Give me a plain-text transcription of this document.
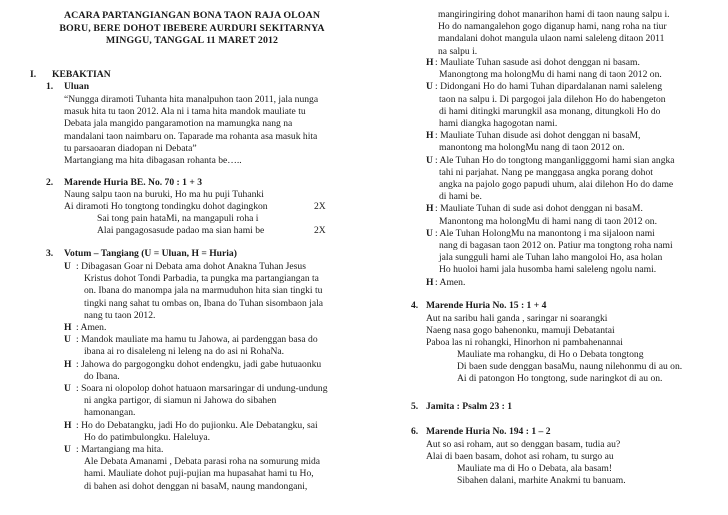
ACARA PARTANGIANGAN BONA TAON RAJA OLOAN
BORU, BERE DOHOT IBEBERE AURDURI SEKITARNYA
MINGGU, TANGGAL 11 MARET 2012
I. KEBAKTIAN
1. Uluan
“Nungga diramoti Tuhanta hita manalpuhon taon 2011, jala nunga
masuk hita tu taon 2012. Ala ni i tama hita mandok mauliate tu
Debata jala mangido pangaramotion na mamungka nang na
mandalani taon naimbaru on. Taparade ma rohanta asa masuk hita
tu parsaoaran diadopan ni Debata”
Martangiang ma hita dibagasan rohanta be…..
2. Marende Huria BE. No. 70 : 1 + 3
Naung salpu taon na buruki, Ho ma hu puji Tuhanki
Ai diramoti Ho tongtong tondingku dohot dagingkon
Sai tong pain hataMi, na mangapuli roha i
Alai pangagosasude padao ma sian hami be
2X
2X
3. Votum – Tangiang (U = Uluan, H = Huria)
U : Dibagasan Goar ni Debata ama dohot Anakna Tuhan Jesus
Kristus dohot Tondi Parbadia, ta pungka ma partangiangan ta
on. Ibana do manompa jala na marmuduhon hita sian tingki tu
tingki nang sahat tu ombas on, Ibana do Tuhan sisombaon jala
nang tu taon 2012.
H : Amen.
U : Mandok mauliate ma hamu tu Jahowa, ai pardenggan basa do
ibana ai ro disaleleng ni leleng na do asi ni RohaNa.
H : Jahowa do pargogongku dohot endengku, jadi gabe hutuaonku
do Ibana.
U : Soara ni olopolop dohot hatuaon marsaringar di undung-undung
ni angka partigor, di siamun ni Jahowa do sibahen
hamonangan.
H : Ho do Debatangku, jadi Ho do pujionku. Ale Debatangku, sai
Ho do patimbulongku. Haleluya.
U : Martangiang ma hita.
Ale Debata Amanami , Debata parasi roha na somurung mida
hami. Mauliate dohot puji-pujian ma hupasahat hami tu Ho,
di bahen asi dohot denggan ni basaM, naung mandongani,
mangiringiring dohot manarihon hami di taon naung salpu i.
Ho do namangalehon gogo diganup hami, nang roha na tiur
mandalani dohot mangula ulaon nami saleleng ditaon 2011
na salpu i.
H : Mauliate Tuhan sasude asi dohot denggan ni basam.
Manongtong ma holongMu di hami nang di taon 2012 on.
U : Didongani Ho do hami Tuhan dipardalanan nami saleleng
taon na salpu i. Di pargogoi jala dilehon Ho do habengeton
di hami ditingki marungkil asa monang, ditungkoli Ho do
hami diangka hagogotan nami.
H : Mauliate Tuhan disude asi dohot denggan ni basaM,
manontong ma holongMu nang di taon 2012 on.
U : Ale Tuhan Ho do tongtong manganligggomi hami sian angka
tahi ni parjahat. Nang pe manggasa angka porang dohot
angka na pajolo gogo papudi uhum, alai dilehon Ho do dame
di hami be.
H : Mauliate Tuhan di sude asi dohot denggan ni basaM.
Manontong ma holongMu di hami nang di taon 2012 on.
U : Ale Tuhan HolongMu na manontong i ma sijaloon nami
nang di bagasan taon 2012 on. Patiur ma tongtong roha nami
jala sungguli hami ale Tuhan laho mangoloi Ho, asa holan
Ho huoloi hami jala husomba hami saleleng ngolu nami.
H : Amen.
4. Marende Huria No. 15 : 1 + 4
Aut na saribu hali ganda , saringar ni soarangki
Naeng nasa gogo bahenonku, mamuji Debatantai
Paboa las ni rohangki, Hinorhon ni pambahenannai
Mauliate ma rohangku, di Ho o Debata tongtong
Di baen sude denggan basaMu, naung nilehonmu di au on.
Ai di patongon Ho tongtong, sude naringkot di au on.
5. Jamita : Psalm 23 : 1
6. Marende Huria No. 194 : 1 – 2
Aut so asi roham, aut so denggan basam, tudia au?
Alai di baen basam, dohot asi roham, tu surgo au
Mauliate ma di Ho o Debata, ala basam!
Sibahen dalani, marhite Anakmi tu banuam.
